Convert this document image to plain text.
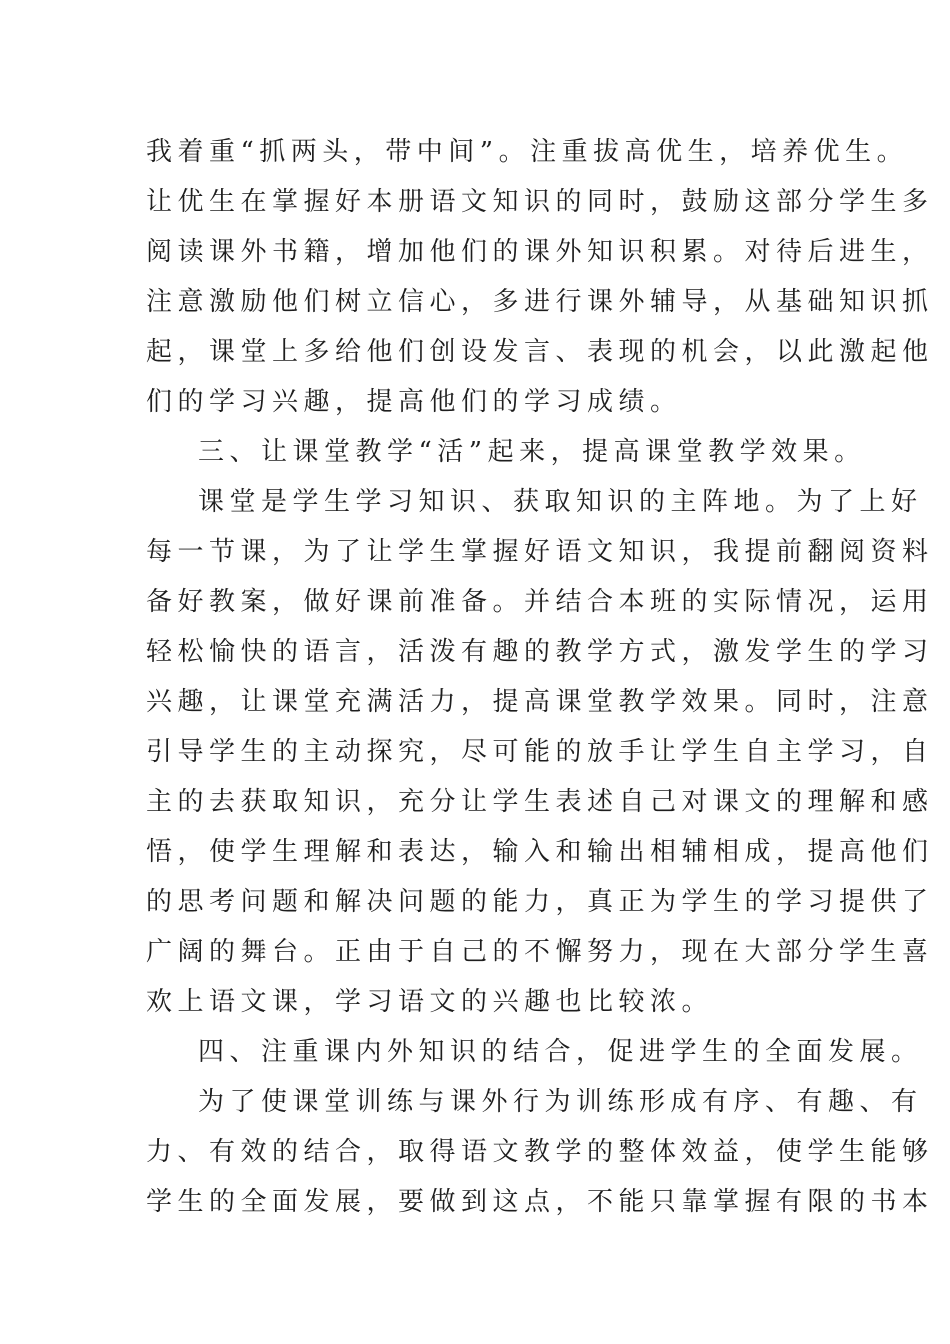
我着重“抓两头，带中间”。注重拔高优生，培养优生。
让优生在掌握好本册语文知识的同时，鼓励这部分学生多
阅读课外书籍，增加他们的课外知识积累。对待后进生，
注意激励他们树立信心，多进行课外辅导，从基础知识抓
起，课堂上多给他们创设发言、表现的机会，以此激起他
们的学习兴趣，提高他们的学习成绩。
三、让课堂教学“活”起来，提高课堂教学效果。
课堂是学生学习知识、获取知识的主阵地。为了上好
每一节课，为了让学生掌握好语文知识，我提前翻阅资料
备好教案，做好课前准备。并结合本班的实际情况，运用
轻松愉快的语言，活泼有趣的教学方式，激发学生的学习
兴趣，让课堂充满活力，提高课堂教学效果。同时，注意
引导学生的主动探究，尽可能的放手让学生自主学习，自
主的去获取知识，充分让学生表述自己对课文的理解和感
悟，使学生理解和表达，输入和输出相辅相成，提高他们
的思考问题和解决问题的能力，真正为学生的学习提供了
广阔的舞台。正由于自己的不懈努力，现在大部分学生喜
欢上语文课，学习语文的兴趣也比较浓。
四、注重课内外知识的结合，促进学生的全面发展。
为了使课堂训练与课外行为训练形成有序、有趣、有
力、有效的结合，取得语文教学的整体效益，使学生能够
学生的全面发展，要做到这点，不能只靠掌握有限的书本
